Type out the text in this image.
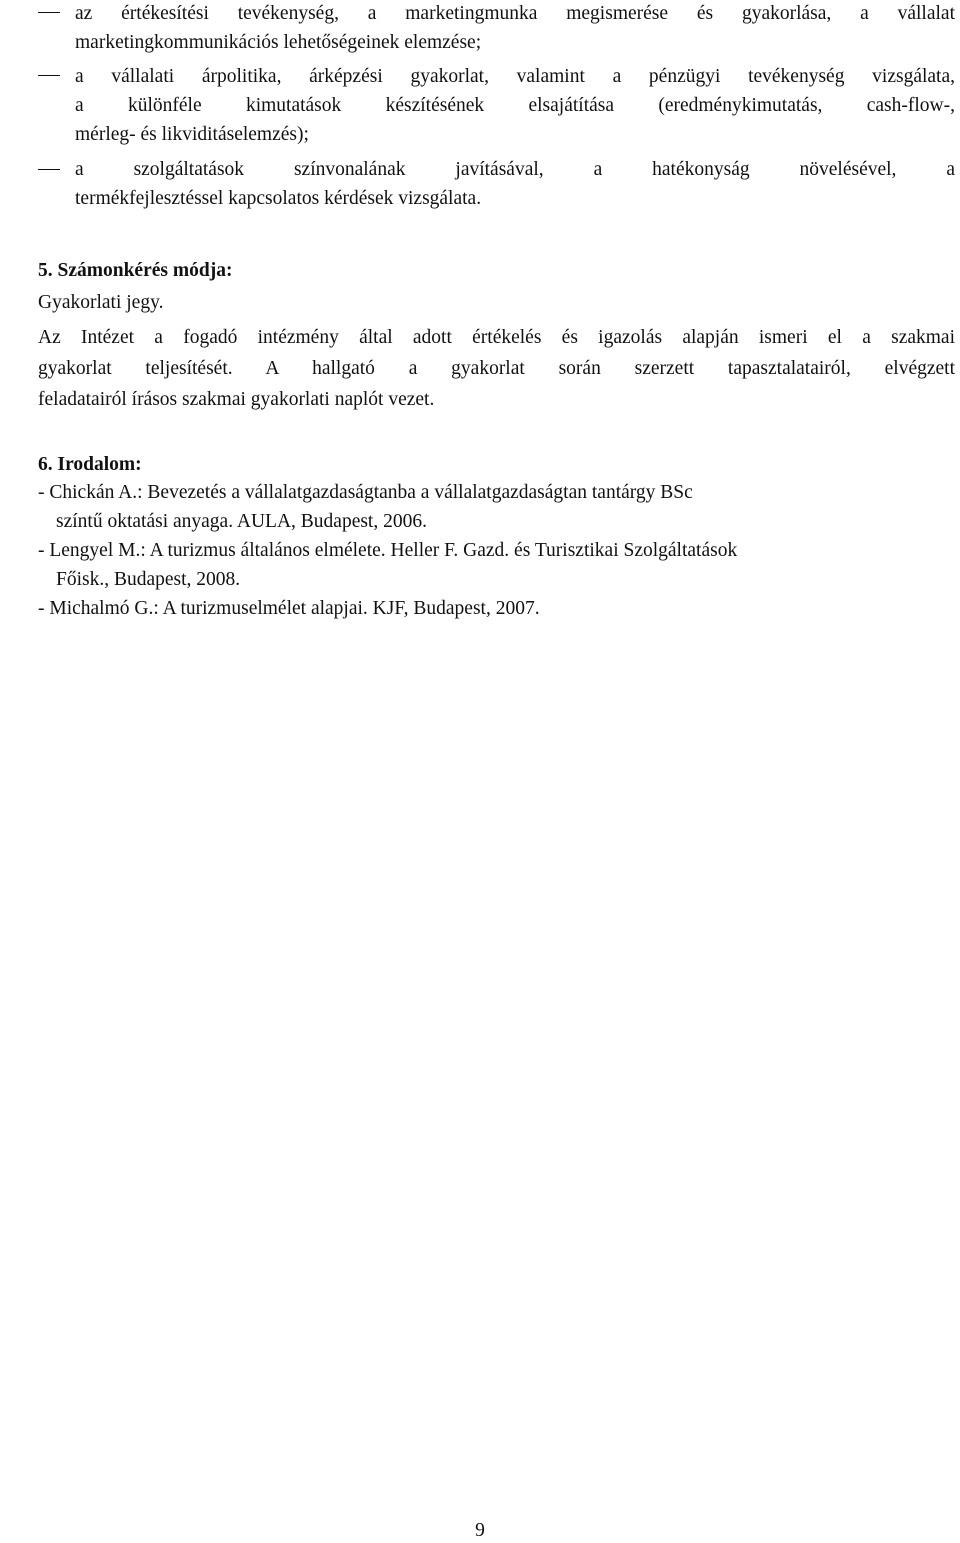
az értékesítési tevékenység, a marketingmunka megismerése és gyakorlása, a vállalat
marketingkommunikációs lehetőségeinek elemzése;
a vállalati árpolitika, árképzési gyakorlat, valamint a pénzügyi tevékenység vizsgálata,
a különféle kimutatások készítésének elsajátítása (eredménykimutatás, cash-flow-,
mérleg- és likviditáselemzés);
a szolgáltatások színvonalának javításával, a hatékonyság növelésével, a
termékfejlesztéssel kapcsolatos kérdések vizsgálata.
5. Számonkérés módja:
Gyakorlati jegy.
Az Intézet a fogadó intézmény által adott értékelés és igazolás alapján ismeri el a szakmai
gyakorlat teljesítését. A hallgató a gyakorlat során szerzett tapasztalatairól, elvégzett
feladatairól írásos szakmai gyakorlati naplót vezet.
6. Irodalom:
- Chickán A.: Bevezetés a vállalatgazdaságtanba a vállalatgazdaságtan tantárgy BSc
színtű oktatási anyaga. AULA, Budapest, 2006.
- Lengyel M.: A turizmus általános elmélete. Heller F. Gazd. és Turisztikai Szolgáltatások
Főisk., Budapest, 2008.
- Michalmó G.: A turizmuselmélet alapjai. KJF, Budapest, 2007.
9
